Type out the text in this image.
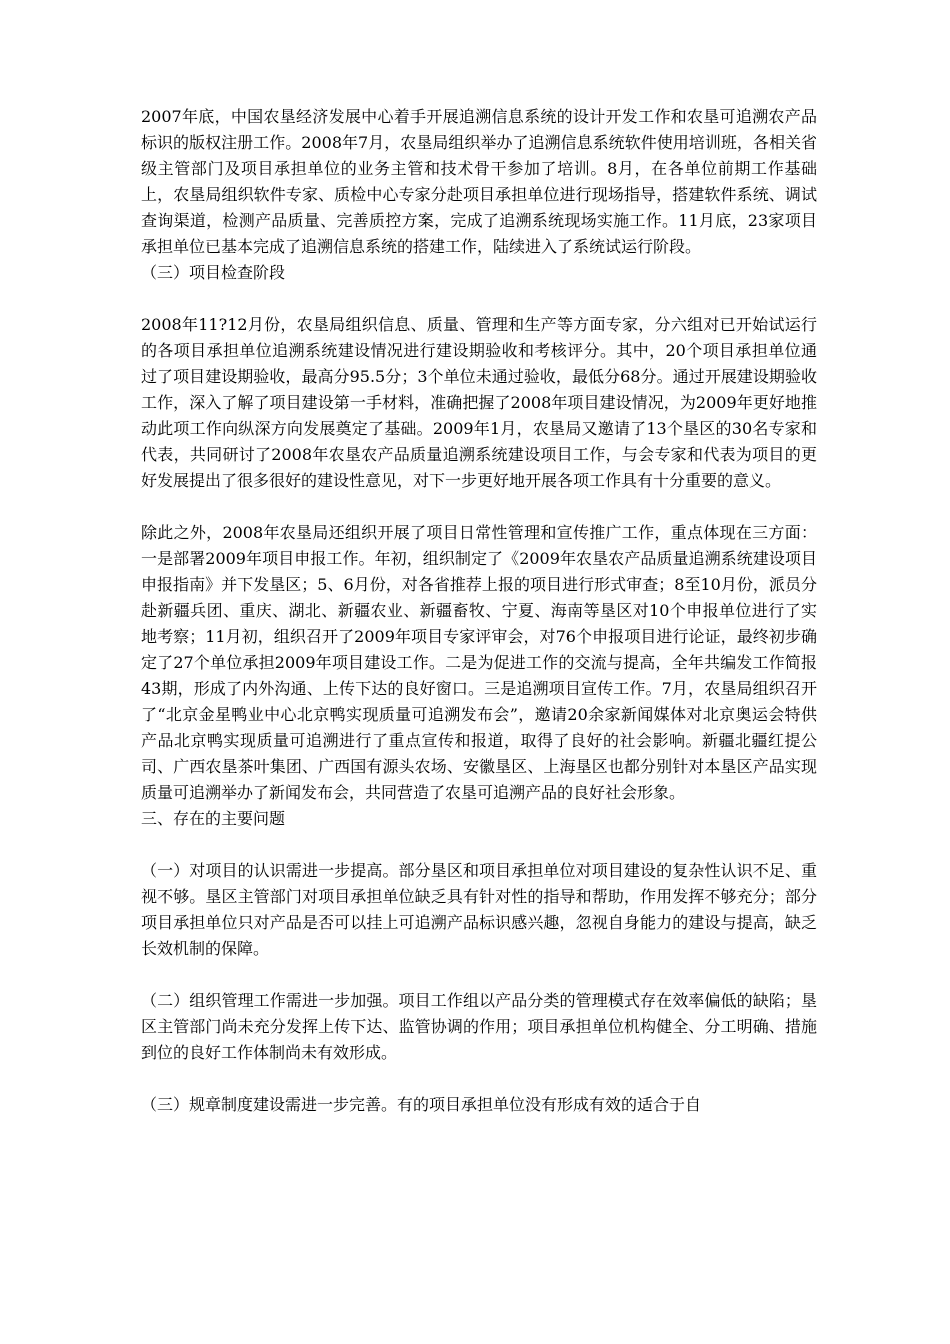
2007年底，中国农垦经济发展中心着手开展追溯信息系统的设计开发工作和农垦可追溯农产品标识的版权注册工作。2008年7月，农垦局组织举办了追溯信息系统软件使用培训班，各相关省级主管部门及项目承担单位的业务主管和技术骨干参加了培训。8月，在各单位前期工作基础上，农垦局组织软件专家、质检中心专家分赴项目承担单位进行现场指导，搭建软件系统、调试查询渠道，检测产品质量、完善质控方案，完成了追溯系统现场实施工作。11月底，23家项目承担单位已基本完成了追溯信息系统的搭建工作，陆续进入了系统试运行阶段。

（三）项目检查阶段

2008年11?12月份，农垦局组织信息、质量、管理和生产等方面专家，分六组对已开始试运行的各项目承担单位追溯系统建设情况进行建设期验收和考核评分。其中，20个项目承担单位通过了项目建设期验收，最高分95.5分；3个单位未通过验收，最低分68分。通过开展建设期验收工作，深入了解了项目建设第一手材料，准确把握了2008年项目建设情况，为2009年更好地推动此项工作向纵深方向发展奠定了基础。2009年1月，农垦局又邀请了13个垦区的30名专家和代表，共同研讨了2008年农垦农产品质量追溯系统建设项目工作，与会专家和代表为项目的更好发展提出了很多很好的建设性意见，对下一步更好地开展各项工作具有十分重要的意义。

除此之外，2008年农垦局还组织开展了项目日常性管理和宣传推广工作，重点体现在三方面：一是部署2009年项目申报工作。年初，组织制定了《2009年农垦农产品质量追溯系统建设项目申报指南》并下发垦区；5、6月份，对各省推荐上报的项目进行形式审查；8至10月份，派员分赴新疆兵团、重庆、湖北、新疆农业、新疆畜牧、宁夏、海南等垦区对10个申报单位进行了实地考察；11月初，组织召开了2009年项目专家评审会，对76个申报项目进行论证，最终初步确定了27个单位承担2009年项目建设工作。二是为促进工作的交流与提高，全年共编发工作简报43期，形成了内外沟通、上传下达的良好窗口。三是追溯项目宣传工作。7月，农垦局组织召开了“北京金星鸭业中心北京鸭实现质量可追溯发布会”，邀请20余家新闻媒体对北京奥运会特供产品北京鸭实现质量可追溯进行了重点宣传和报道，取得了良好的社会影响。新疆北疆红提公司、广西农垦茶叶集团、广西国有源头农场、安徽垦区、上海垦区也都分别针对本垦区产品实现质量可追溯举办了新闻发布会，共同营造了农垦可追溯产品的良好社会形象。

三、存在的主要问题

（一）对项目的认识需进一步提高。部分垦区和项目承担单位对项目建设的复杂性认识不足、重视不够。垦区主管部门对项目承担单位缺乏具有针对性的指导和帮助，作用发挥不够充分；部分项目承担单位只对产品是否可以挂上可追溯产品标识感兴趣，忽视自身能力的建设与提高，缺乏长效机制的保障。

（二）组织管理工作需进一步加强。项目工作组以产品分类的管理模式存在效率偏低的缺陷；垦区主管部门尚未充分发挥上传下达、监管协调的作用；项目承担单位机构健全、分工明确、措施到位的良好工作体制尚未有效形成。

（三）规章制度建设需进一步完善。有的项目承担单位没有形成有效的适合于自
